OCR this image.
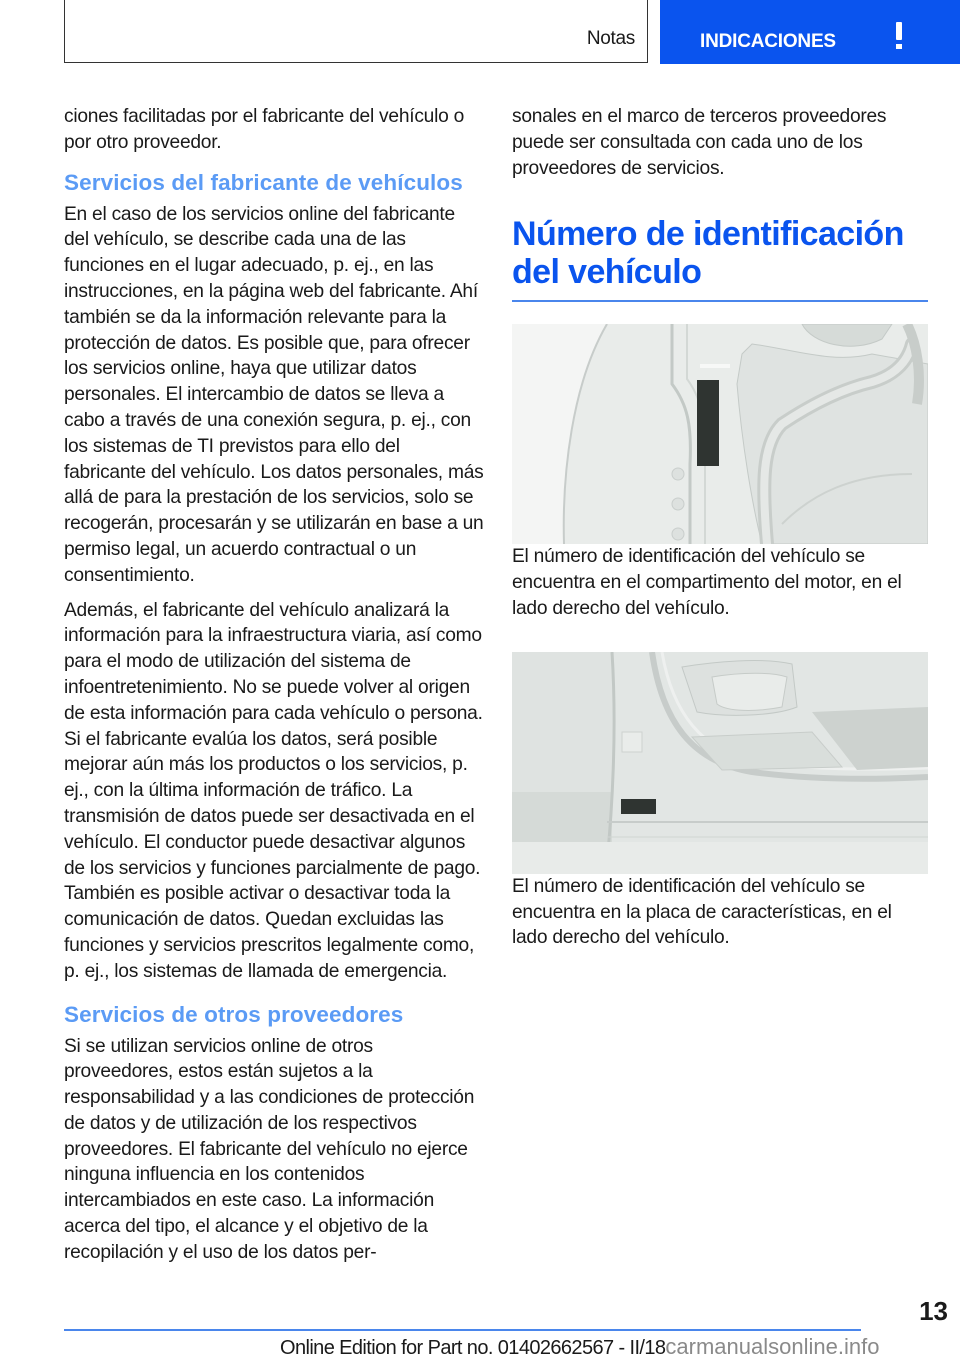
Notas	INDICACIONES

ciones facilitadas por el fabricante del vehículo o por otro proveedor.

Servicios del fabricante de vehículos

En el caso de los servicios online del fabricante del vehículo, se describe cada una de las funciones en el lugar adecuado, p. ej., en las instrucciones, en la página web del fabricante. Ahí también se da la información relevante para la protección de datos. Es posible que, para ofrecer los servicios online, haya que utilizar datos personales. El intercambio de datos se lleva a cabo a través de una conexión segura, p. ej., con los sistemas de TI previstos para ello del fabricante del vehículo. Los datos personales, más allá de para la prestación de los servicios, solo se recogerán, procesarán y se utilizarán en base a un permiso legal, un acuerdo contractual o un consentimiento.

Además, el fabricante del vehículo analizará la información para la infraestructura viaria, así como para el modo de utilización del sistema de infoentretenimiento. No se puede volver al origen de esta información para cada vehículo o persona. Si el fabricante evalúa los datos, será posible mejorar aún más los productos o los servicios, p. ej., con la última información de tráfico. La transmisión de datos puede ser desactivada en el vehículo. El conductor puede desactivar algunos de los servicios y funciones parcialmente de pago. También es posible activar o desactivar toda la comunicación de datos. Quedan excluidas las funciones y servicios prescritos legalmente como, p. ej., los sistemas de llamada de emergencia.

Servicios de otros proveedores

Si se utilizan servicios online de otros proveedores, estos están sujetos a la responsabilidad y a las condiciones de protección de datos y de utilización de los respectivos proveedores. El fabricante del vehículo no ejerce ninguna influencia en los contenidos intercambiados en este caso. La información acerca del tipo, el alcance y el objetivo de la recopilación y el uso de los datos per-

sonales en el marco de terceros proveedores puede ser consultada con cada uno de los proveedores de servicios.

Número de identificación del vehículo

El número de identificación del vehículo se encuentra en el compartimento del motor, en el lado derecho del vehículo.

El número de identificación del vehículo se encuentra en la placa de características, en el lado derecho del vehículo.

13
Online Edition for Part no. 01402662567 - II/18carmanualsonline.info
